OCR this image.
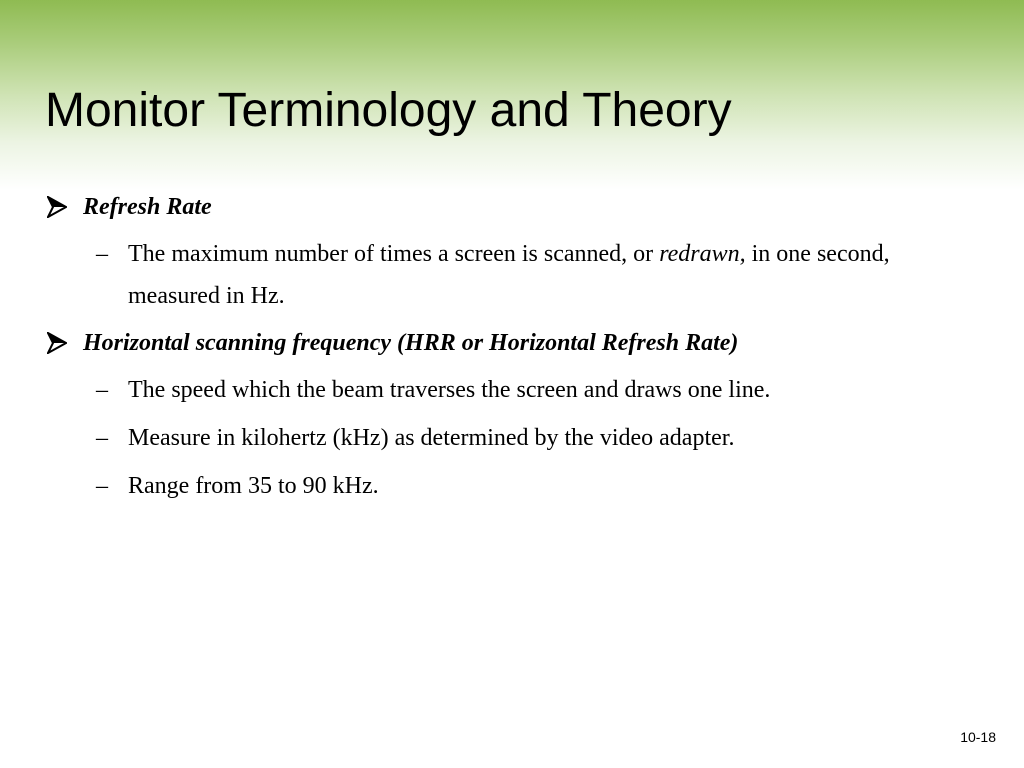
Monitor Terminology and Theory
Refresh Rate
– The maximum number of times a screen is scanned, or redrawn, in one second, measured in Hz.
Horizontal scanning frequency (HRR or Horizontal Refresh Rate)
– The speed which the beam traverses the screen and draws one line.
– Measure in kilohertz (kHz) as determined by the video adapter.
– Range from 35 to 90 kHz.
10-18
